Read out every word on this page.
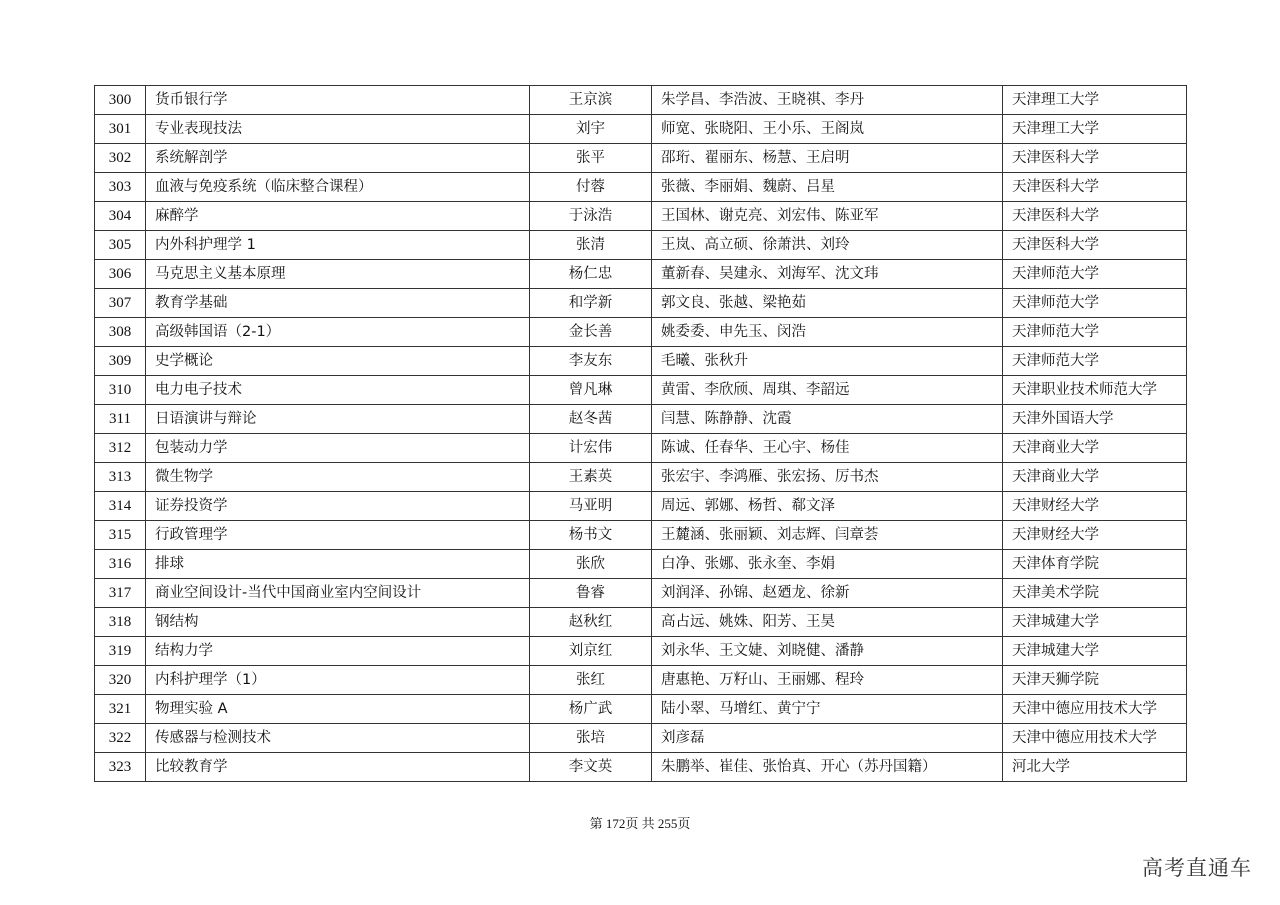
300	货币银行学	王京滨	朱学昌、李浩波、王晓祺、李丹	天津理工大学
301	专业表现技法	刘宇	师宽、张晓阳、王小乐、王阁岚	天津理工大学
302	系统解剖学	张平	邵珩、翟丽东、杨慧、王启明	天津医科大学
303	血液与免疫系统（临床整合课程）	付蓉	张薇、李丽娟、魏蔚、吕星	天津医科大学
304	麻醉学	于泳浩	王国林、谢克亮、刘宏伟、陈亚军	天津医科大学
305	内外科护理学 1	张清	王岚、高立硕、徐萧洪、刘玲	天津医科大学
306	马克思主义基本原理	杨仁忠	董新春、吴建永、刘海军、沈文玮	天津师范大学
307	教育学基础	和学新	郭文良、张越、梁艳茹	天津师范大学
308	高级韩国语（2-1）	金长善	姚委委、申先玉、闵浩	天津师范大学
309	史学概论	李友东	毛曦、张秋升	天津师范大学
310	电力电子技术	曾凡琳	黄雷、李欣颀、周琪、李韶远	天津职业技术师范大学
311	日语演讲与辩论	赵冬茜	闫慧、陈静静、沈霞	天津外国语大学
312	包装动力学	计宏伟	陈诚、任春华、王心宇、杨佳	天津商业大学
313	微生物学	王素英	张宏宇、李鸿雁、张宏扬、厉书杰	天津商业大学
314	证券投资学	马亚明	周远、郭娜、杨哲、郗文泽	天津财经大学
315	行政管理学	杨书文	王麓涵、张丽颖、刘志辉、闫章荟	天津财经大学
316	排球	张欣	白净、张娜、张永奎、李娟	天津体育学院
317	商业空间设计-当代中国商业室内空间设计	鲁睿	刘润泽、孙锦、赵廼龙、徐新	天津美术学院
318	钢结构	赵秋红	高占远、姚姝、阳芳、王昊	天津城建大学
319	结构力学	刘京红	刘永华、王文婕、刘晓健、潘静	天津城建大学
320	内科护理学（1）	张红	唐惠艳、万籽山、王丽娜、程玲	天津天狮学院
321	物理实验 A	杨广武	陆小翠、马增红、黄宁宁	天津中德应用技术大学
322	传感器与检测技术	张培	刘彦磊	天津中德应用技术大学
323	比较教育学	李文英	朱鹏举、崔佳、张怡真、开心（苏丹国籍）	河北大学
第 172页 共 255页
高考直通车
